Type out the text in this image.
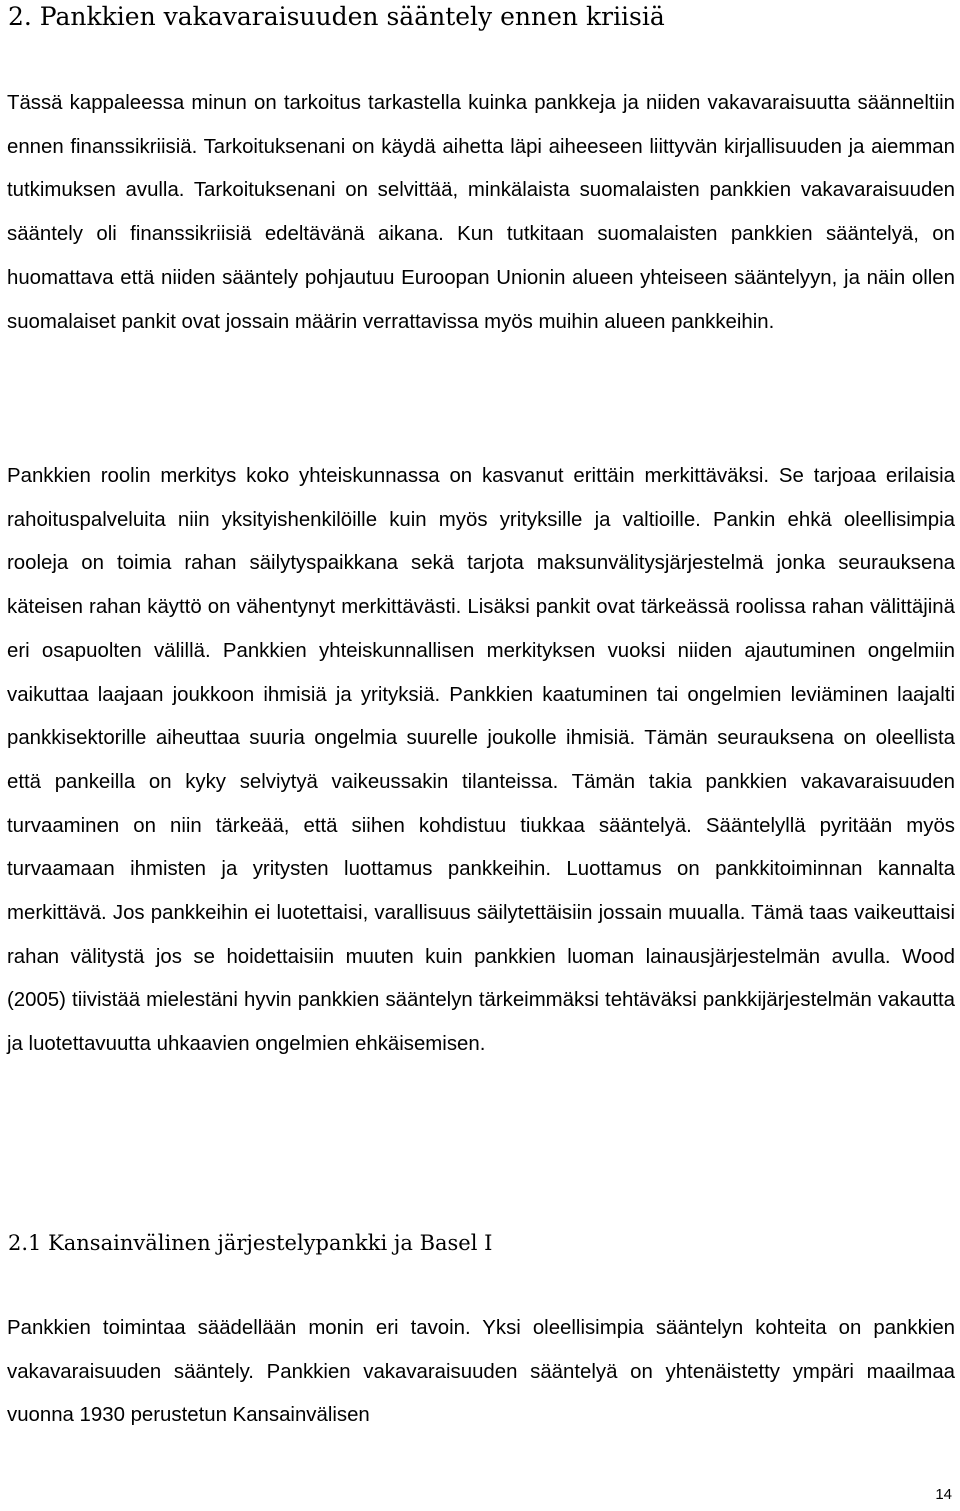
2. Pankkien vakavaraisuuden sääntely ennen kriisiä

Tässä kappaleessa minun on tarkoitus tarkastella kuinka pankkeja ja niiden vakavaraisuutta säänneltiin ennen finanssikriisiä. Tarkoituksenani on käydä aihetta läpi aiheeseen liittyvän kirjallisuuden ja aiemman tutkimuksen avulla. Tarkoituksenani on selvittää, minkälaista suomalaisten pankkien vakavaraisuuden sääntely oli finanssikriisiä edeltävänä aikana. Kun tutkitaan suomalaisten pankkien sääntelyä, on huomattava että niiden sääntely pohjautuu Euroopan Unionin alueen yhteiseen sääntelyyn, ja näin ollen suomalaiset pankit ovat jossain määrin verrattavissa myös muihin alueen pankkeihin.

Pankkien roolin merkitys koko yhteiskunnassa on kasvanut erittäin merkittäväksi. Se tarjoaa erilaisia rahoituspalveluita niin yksityishenkilöille kuin myös yrityksille ja valtioille. Pankin ehkä oleellisimpia rooleja on toimia rahan säilytyspaikkana sekä tarjota maksunvälitysjärjestelmä jonka seurauksena käteisen rahan käyttö on vähentynyt merkittävästi. Lisäksi pankit ovat tärkeässä roolissa rahan välittäjinä eri osapuolten välillä. Pankkien yhteiskunnallisen merkityksen vuoksi niiden ajautuminen ongelmiin vaikuttaa laajaan joukkoon ihmisiä ja yrityksiä. Pankkien kaatuminen tai ongelmien leviäminen laajalti pankkisektorille aiheuttaa suuria ongelmia suurelle joukolle ihmisiä. Tämän seurauksena on oleellista että pankeilla on kyky selviytyä vaikeussakin tilanteissa. Tämän takia pankkien vakavaraisuuden turvaaminen on niin tärkeää, että siihen kohdistuu tiukkaa sääntelyä. Sääntelyllä pyritään myös turvaamaan ihmisten ja yritysten luottamus pankkeihin. Luottamus on pankkitoiminnan kannalta merkittävä. Jos pankkeihin ei luotettaisi, varallisuus säilytettäisiin jossain muualla. Tämä taas vaikeuttaisi rahan välitystä jos se hoidettaisiin muuten kuin pankkien luoman lainausjärjestelmän avulla. Wood (2005) tiivistää mielestäni hyvin pankkien sääntelyn tärkeimmäksi tehtäväksi pankkijärjestelmän vakautta ja luotettavuutta uhkaavien ongelmien ehkäisemisen.

2.1 Kansainvälinen järjestelypankki ja Basel I

Pankkien toimintaa säädellään monin eri tavoin. Yksi oleellisimpia sääntelyn kohteita on pankkien vakavaraisuuden sääntely. Pankkien vakavaraisuuden sääntelyä on yhtenäistetty ympäri maailmaa vuonna 1930 perustetun Kansainvälisen

14
